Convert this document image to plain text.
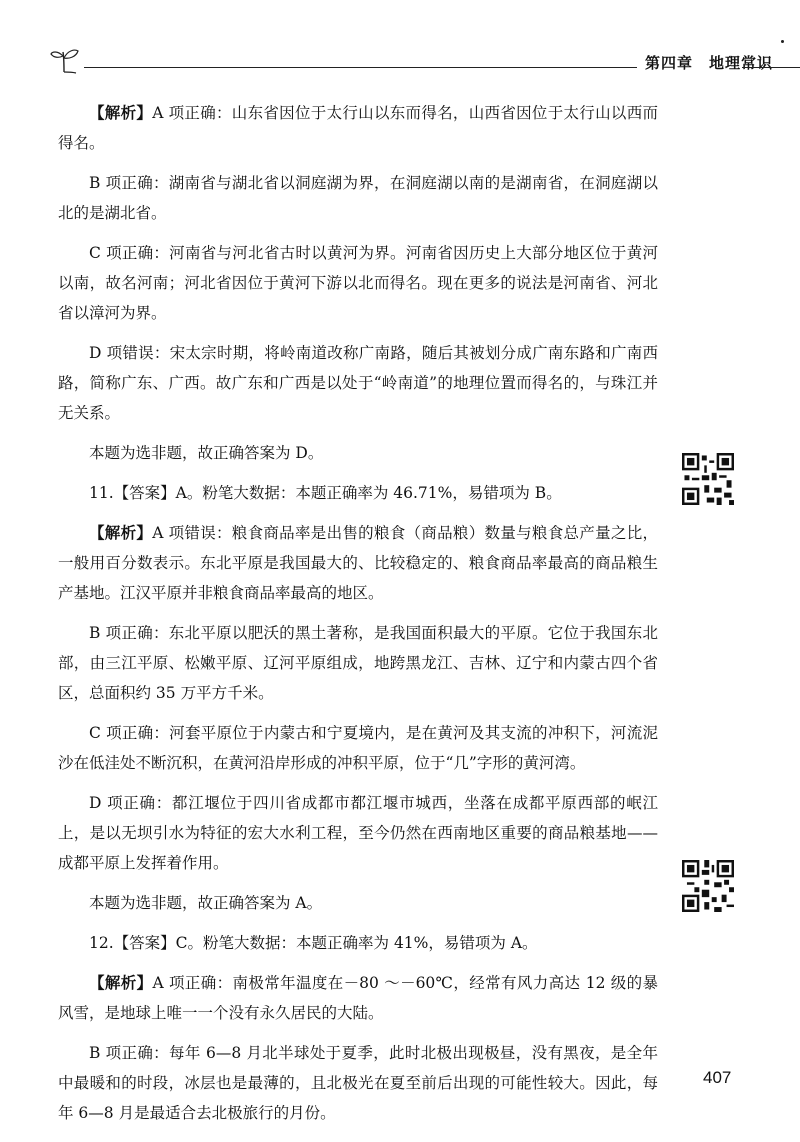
第四章　地理常识

【解析】A 项正确：山东省因位于太行山以东而得名，山西省因位于太行山以西而得名。

B 项正确：湖南省与湖北省以洞庭湖为界，在洞庭湖以南的是湖南省，在洞庭湖以北的是湖北省。

C 项正确：河南省与河北省古时以黄河为界。河南省因历史上大部分地区位于黄河以南，故名河南；河北省因位于黄河下游以北而得名。现在更多的说法是河南省、河北省以漳河为界。

D 项错误：宋太宗时期，将岭南道改称广南路，随后其被划分成广南东路和广南西路，简称广东、广西。故广东和广西是以处于“岭南道”的地理位置而得名的，与珠江并无关系。

本题为选非题，故正确答案为 D。

11.【答案】A。粉笔大数据：本题正确率为 46.71%，易错项为 B。

【解析】A 项错误：粮食商品率是出售的粮食（商品粮）数量与粮食总产量之比，一般用百分数表示。东北平原是我国最大的、比较稳定的、粮食商品率最高的商品粮生产基地。江汉平原并非粮食商品率最高的地区。

B 项正确：东北平原以肥沃的黑土著称，是我国面积最大的平原。它位于我国东北部，由三江平原、松嫩平原、辽河平原组成，地跨黑龙江、吉林、辽宁和内蒙古四个省区，总面积约 35 万平方千米。

C 项正确：河套平原位于内蒙古和宁夏境内，是在黄河及其支流的冲积下，河流泥沙在低洼处不断沉积，在黄河沿岸形成的冲积平原，位于“几”字形的黄河湾。

D 项正确：都江堰位于四川省成都市都江堰市城西，坐落在成都平原西部的岷江上，是以无坝引水为特征的宏大水利工程，至今仍然在西南地区重要的商品粮基地——成都平原上发挥着作用。

本题为选非题，故正确答案为 A。

12.【答案】C。粉笔大数据：本题正确率为 41%，易错项为 A。

【解析】A 项正确：南极常年温度在－80 ～－60℃，经常有风力高达 12 级的暴风雪，是地球上唯一一个没有永久居民的大陆。

B 项正确：每年 6—8 月北半球处于夏季，此时北极出现极昼，没有黑夜，是全年中最暖和的时段，冰层也是最薄的，且北极光在夏至前后出现的可能性较大。因此，每年 6—8 月是最适合去北极旅行的月份。

407
